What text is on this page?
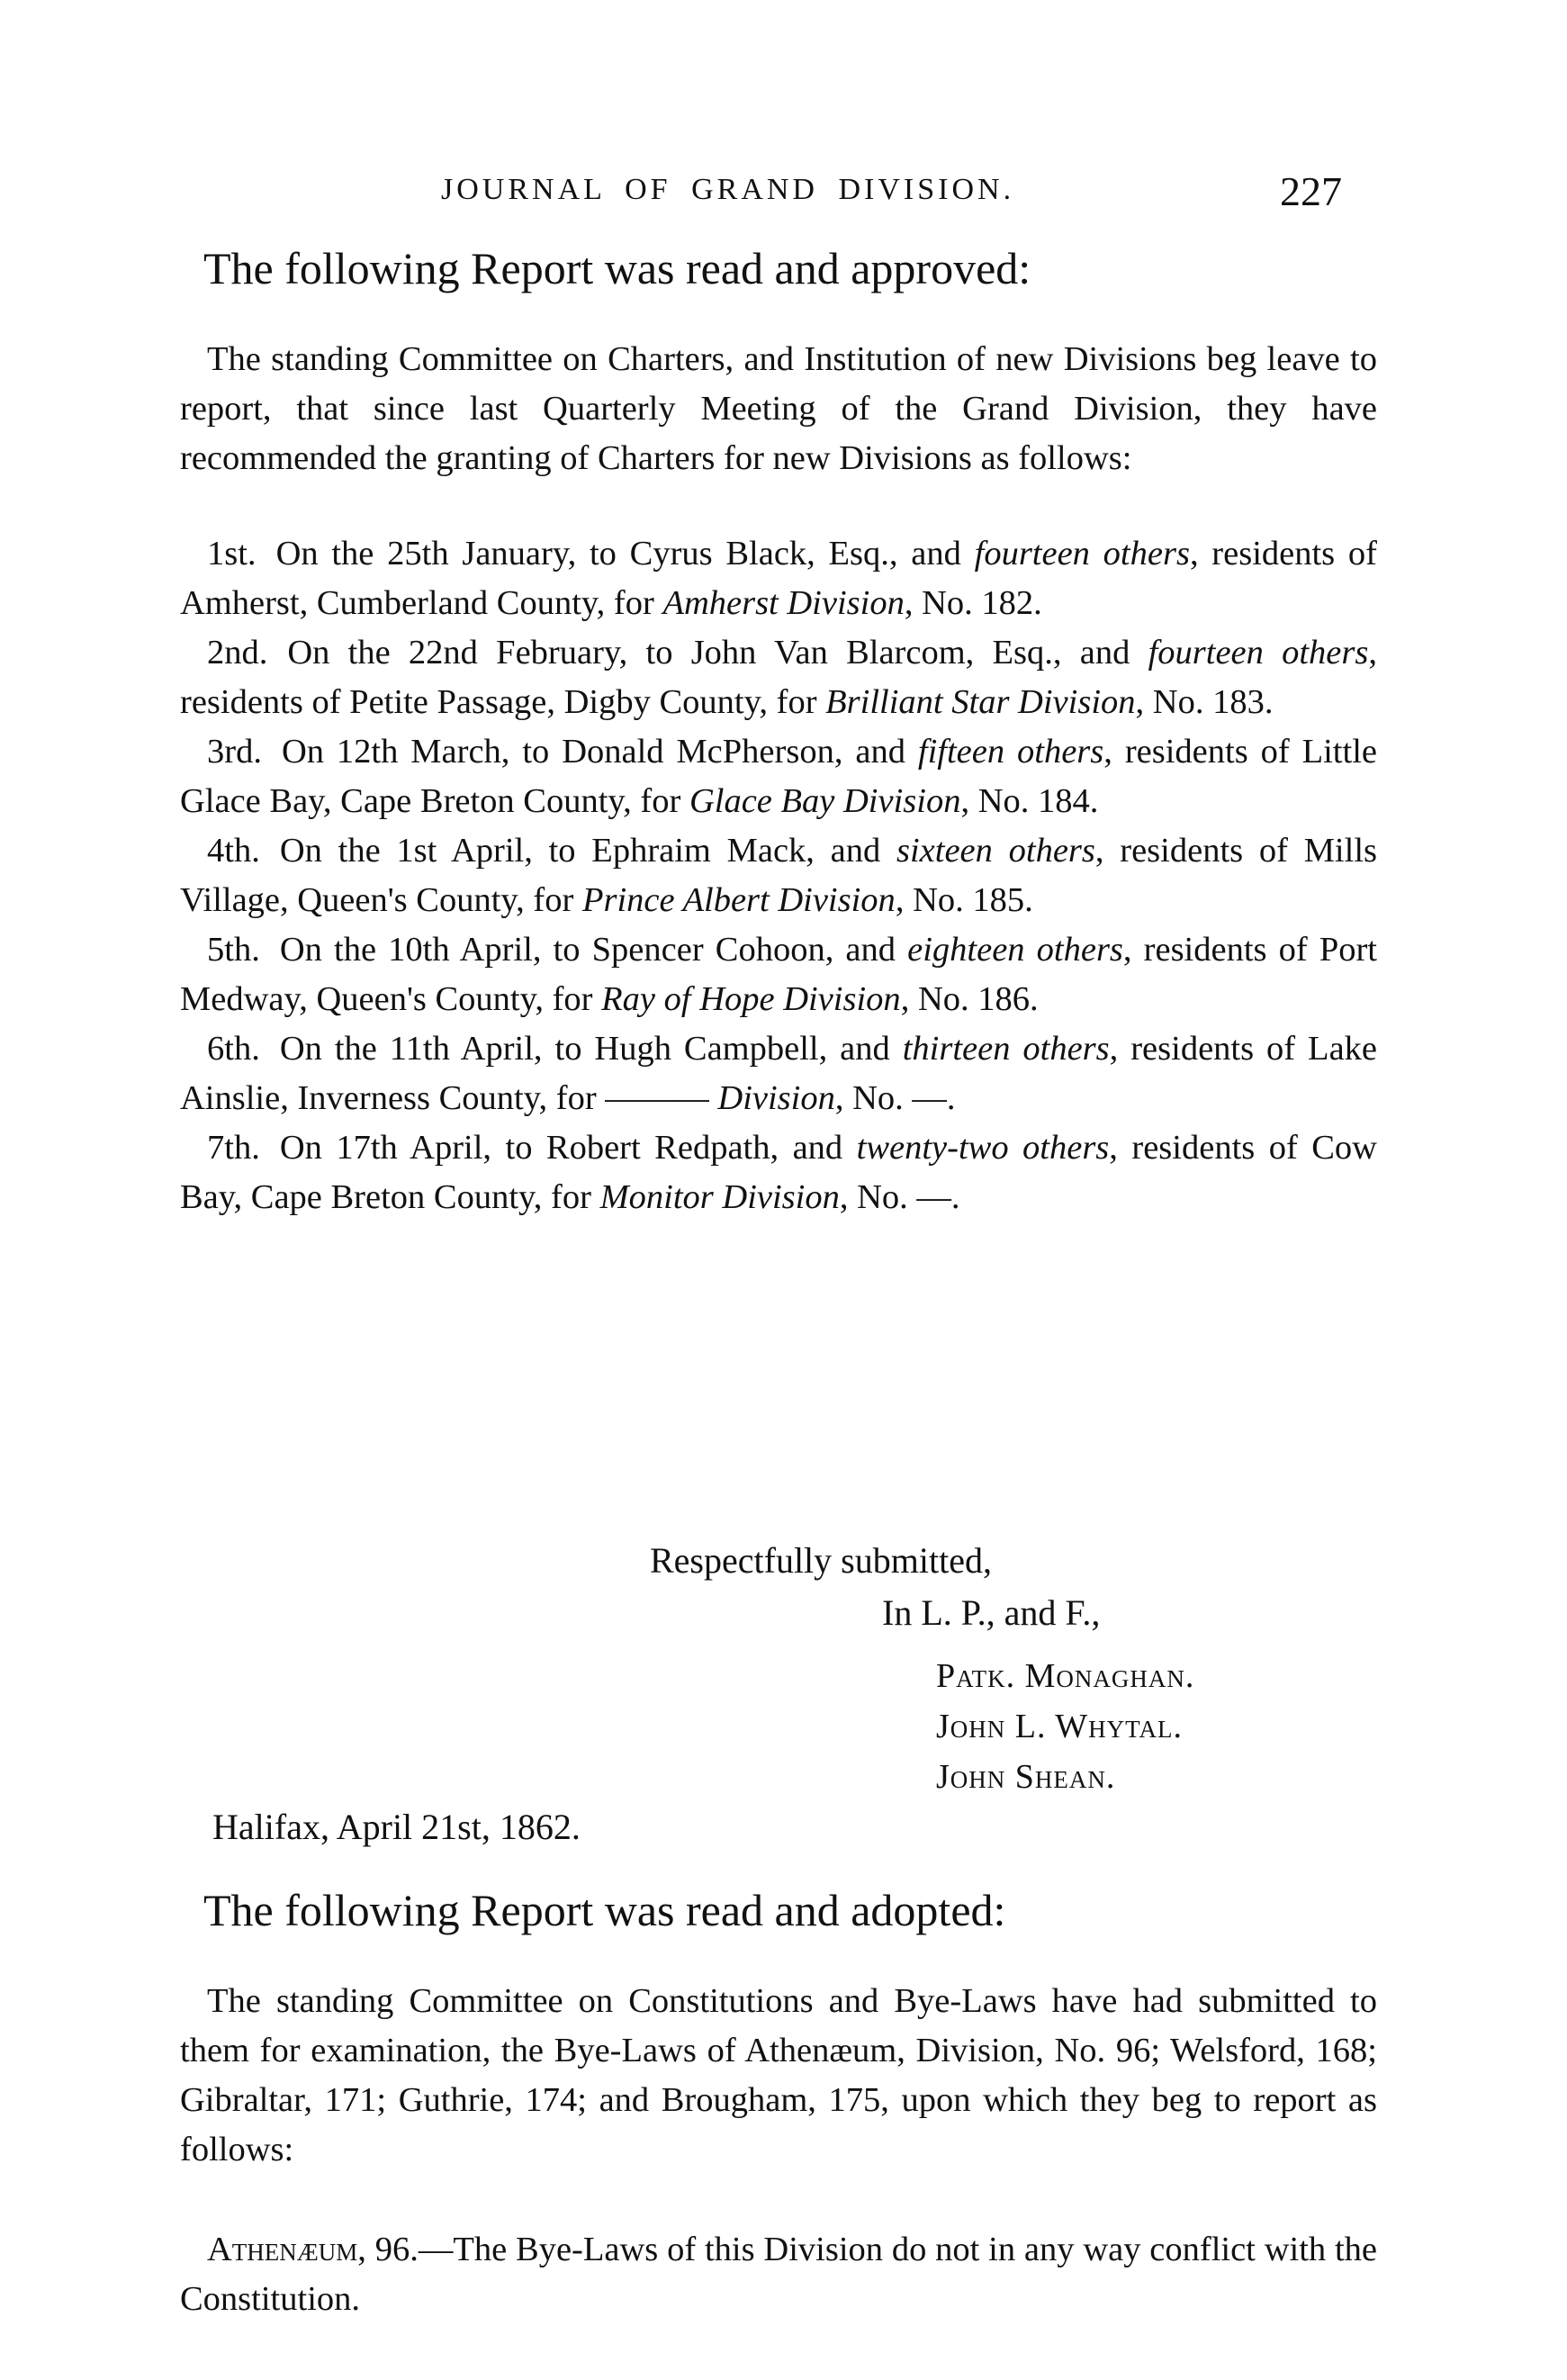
JOURNAL OF GRAND DIVISION.	227
The following Report was read and approved:

The standing Committee on Charters, and Institution of new Divisions beg leave to report, that since last Quarterly Meeting of the Grand Division, they have recommended the granting of Charters for new Divisions as follows:

1st. On the 25th January, to Cyrus Black, Esq., and fourteen others, residents of Amherst, Cumberland County, for Amherst Division, No. 182.

2nd. On the 22nd February, to John Van Blarcom, Esq., and fourteen others, residents of Petite Passage, Digby County, for Brilliant Star Division, No. 183.

3rd. On 12th March, to Donald McPherson, and fifteen others, residents of Little Glace Bay, Cape Breton County, for Glace Bay Division, No. 184.

4th. On the 1st April, to Ephraim Mack, and sixteen others, residents of Mills Village, Queen's County, for Prince Albert Division, No. 185.

5th. On the 10th April, to Spencer Cohoon, and eighteen others, residents of Port Medway, Queen's County, for Ray of Hope Division, No. 186.

6th. On the 11th April, to Hugh Campbell, and thirteen others, residents of Lake Ainslie, Inverness County, for ——— Division, No. —.

7th. On 17th April, to Robert Redpath, and twenty-two others, residents of Cow Bay, Cape Breton County, for Monitor Division, No. —.

Respectfully submitted,
In L. P., and F.,
Patk. Monaghan.
John L. Whytal.
John Shean.
Halifax, April 21st, 1862.
The following Report was read and adopted:

The standing Committee on Constitutions and Bye-Laws have had submitted to them for examination, the Bye-Laws of Athenæum, Division, No. 96; Welsford, 168; Gibraltar, 171; Guthrie, 174; and Brougham, 175, upon which they beg to report as follows:

Athenæum, 96.—The Bye-Laws of this Division do not in any way conflict with the Constitution.
